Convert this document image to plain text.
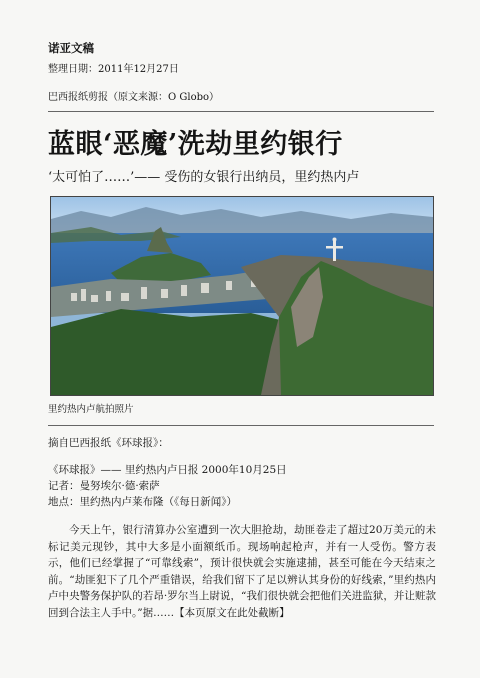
诺亚文稿
整理日期：2011年12月27日
巴西报纸剪报（原文来源：O Globo）
蓝眼‘恶魔’洗劫里约银行
‘太可怕了……’—— 受伤的女银行出纳员，里约热内卢
里约热内卢航拍照片
摘自巴西报纸《环球报》：
《环球报》—— 里约热内卢日报 2000年10月25日
记者：曼努埃尔·德·索萨
地点：里约热内卢莱布隆（《每日新闻》）
今天上午，银行清算办公室遭到一次大胆抢劫，劫匪卷走了超过20万美元的未标记美元现钞，其中大多是小面额纸币。现场响起枪声，并有一人受伤。警方表示，他们已经掌握了“可靠线索”，预计很快就会实施逮捕，甚至可能在今天结束之前。“劫匪犯下了几个严重错误，给我们留下了足以辨认其身份的好线索，”里约热内卢中央警务保护队的若昂·罗尔当上尉说，“我们很快就会把他们关进监狱，并让赃款回到合法主人手中。”据……【本页原文在此处截断】
